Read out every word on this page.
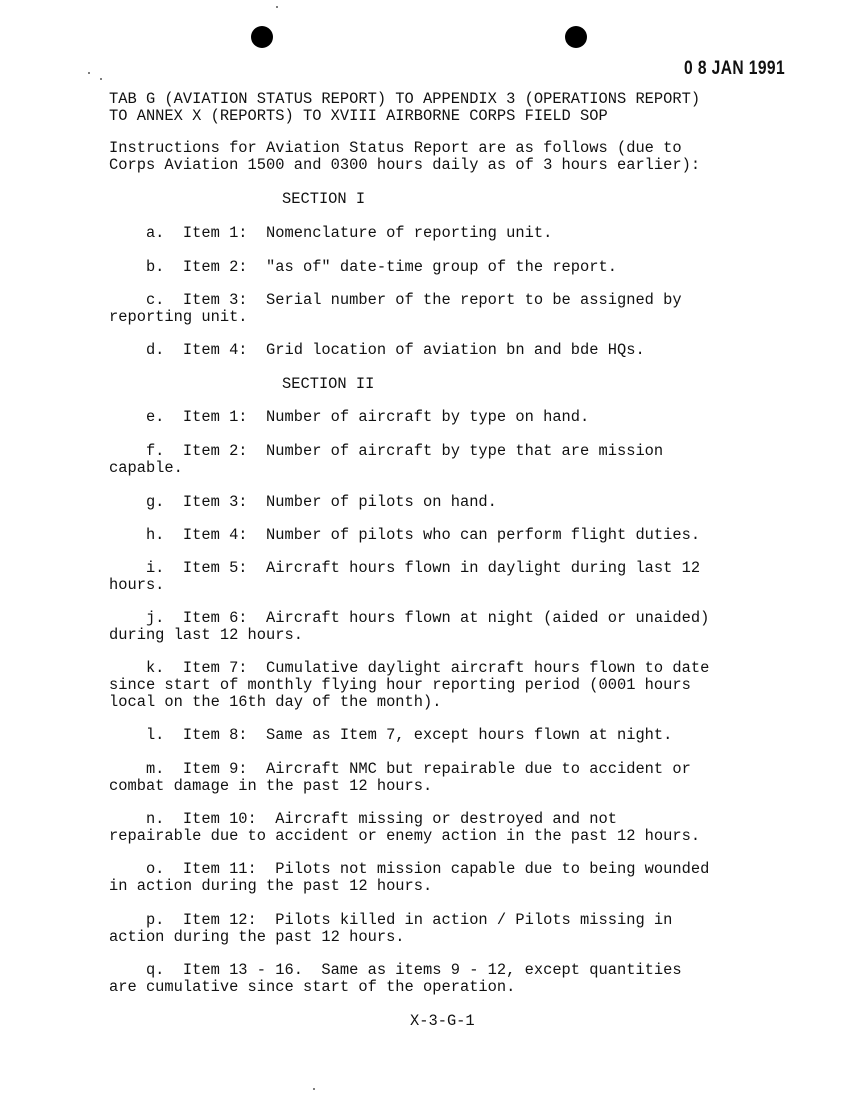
0 8 JAN 1991
TAB G (AVIATION STATUS REPORT) TO APPENDIX 3 (OPERATIONS REPORT)
TO ANNEX X (REPORTS) TO XVIII AIRBORNE CORPS FIELD SOP
Instructions for Aviation Status Report are as follows (due to
Corps Aviation 1500 and 0300 hours daily as of 3 hours earlier):
SECTION I
a.  Item 1:  Nomenclature of reporting unit.
b.  Item 2:  "as of" date-time group of the report.
c.  Item 3:  Serial number of the report to be assigned by
reporting unit.
d.  Item 4:  Grid location of aviation bn and bde HQs.
SECTION II
e.  Item 1:  Number of aircraft by type on hand.
f.  Item 2:  Number of aircraft by type that are mission
capable.
g.  Item 3:  Number of pilots on hand.
h.  Item 4:  Number of pilots who can perform flight duties.
i.  Item 5:  Aircraft hours flown in daylight during last 12
hours.
j.  Item 6:  Aircraft hours flown at night (aided or unaided)
during last 12 hours.
k.  Item 7:  Cumulative daylight aircraft hours flown to date
since start of monthly flying hour reporting period (0001 hours
local on the 16th day of the month).
l.  Item 8:  Same as Item 7, except hours flown at night.
m.  Item 9:  Aircraft NMC but repairable due to accident or
combat damage in the past 12 hours.
n.  Item 10:  Aircraft missing or destroyed and not
repairable due to accident or enemy action in the past 12 hours.
o.  Item 11:  Pilots not mission capable due to being wounded
in action during the past 12 hours.
p.  Item 12:  Pilots killed in action / Pilots missing in
action during the past 12 hours.
q.  Item 13 - 16.  Same as items 9 - 12, except quantities
are cumulative since start of the operation.
X-3-G-1
